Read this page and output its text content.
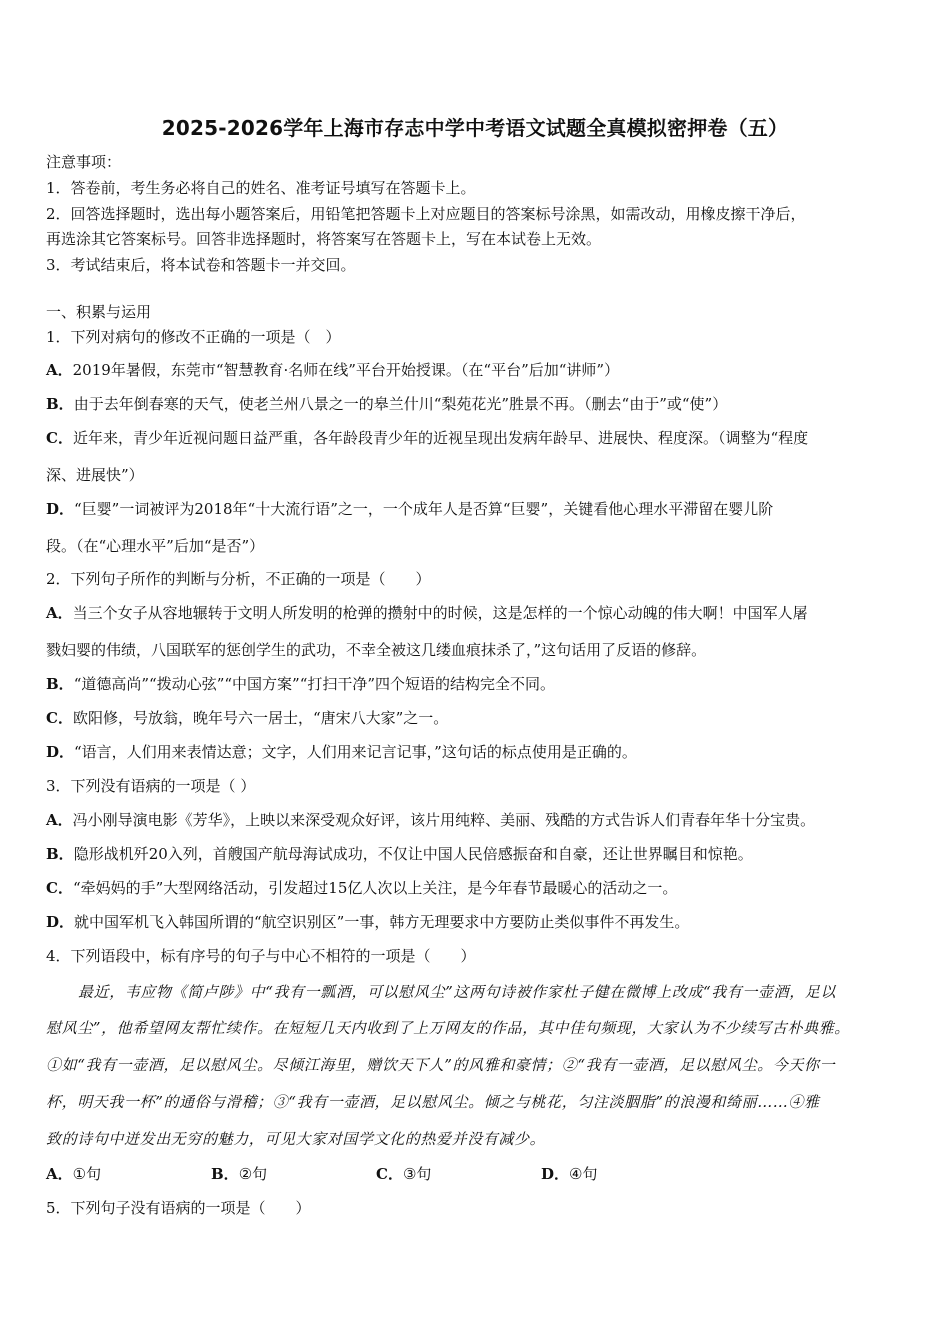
2025-2026学年上海市存志中学中考语文试题全真模拟密押卷（五）
注意事项：
1．答卷前，考生务必将自己的姓名、准考证号填写在答题卡上。
2．回答选择题时，选出每小题答案后，用铅笔把答题卡上对应题目的答案标号涂黑，如需改动，用橡皮擦干净后，
再选涂其它答案标号。回答非选择题时，将答案写在答题卡上，写在本试卷上无效。
3．考试结束后，将本试卷和答题卡一并交回。
一、积累与运用
1．下列对病句的修改不正确的一项是（　）
A．2019年暑假，东莞市“智慧教育·名师在线”平台开始授课。（在“平台”后加“讲师”）
B．由于去年倒春寒的天气，使老兰州八景之一的皋兰什川“梨苑花光”胜景不再。（删去“由于”或“使”）
C．近年来，青少年近视问题日益严重，各年龄段青少年的近视呈现出发病年龄早、进展快、程度深。（调整为“程度
深、进展快”）
D．“巨婴”一词被评为2018年“十大流行语”之一，一个成年人是否算“巨婴”，关键看他心理水平滞留在婴儿阶
段。（在“心理水平”后加“是否”）
2．下列句子所作的判断与分析，不正确的一项是（　　）
A．当三个女子从容地辗转于文明人所发明的枪弹的攒射中的时候，这是怎样的一个惊心动魄的伟大啊！中国军人屠
戮妇婴的伟绩，八国联军的惩创学生的武功，不幸全被这几缕血痕抹杀了，”这句话用了反语的修辞。
B．“道德高尚”“拨动心弦”“中国方案”“打扫干净”四个短语的结构完全不同。
C．欧阳修，号放翁，晚年号六一居士，“唐宋八大家”之一。
D．“语言，人们用来表情达意；文字，人们用来记言记事，”这句话的标点使用是正确的。
3．下列没有语病的一项是（ ）
A．冯小刚导演电影《芳华》，上映以来深受观众好评，该片用纯粹、美丽、残酷的方式告诉人们青春年华十分宝贵。
B．隐形战机歼20入列，首艘国产航母海试成功，不仅让中国人民倍感振奋和自豪，还让世界瞩目和惊艳。
C．“牵妈妈的手”大型网络活动，引发超过15亿人次以上关注，是今年春节最暖心的活动之一。
D．就中国军机飞入韩国所谓的“航空识别区”一事，韩方无理要求中方要防止类似事件不再发生。
4．下列语段中，标有序号的句子与中心不相符的一项是（　　）
最近，韦应物《简卢陟》中“我有一瓢酒，可以慰风尘”这两句诗被作家杜子健在微博上改成“我有一壶酒，足以
慰风尘”，他希望网友帮忙续作。在短短几天内收到了上万网友的作品，其中佳句频现，大家认为不少续写古朴典雅。
①如“我有一壶酒，足以慰风尘。尽倾江海里，赠饮天下人”的风雅和豪情；②“我有一壶酒，足以慰风尘。今天你一
杯，明天我一杯”的通俗与滑稽；③“我有一壶酒，足以慰风尘。倾之与桃花，匀注淡胭脂”的浪漫和绮丽……④雅
致的诗句中迸发出无穷的魅力，可见大家对国学文化的热爱并没有减少。
A．①句	B．②句	C．③句	D．④句
5．下列句子没有语病的一项是（　　）
